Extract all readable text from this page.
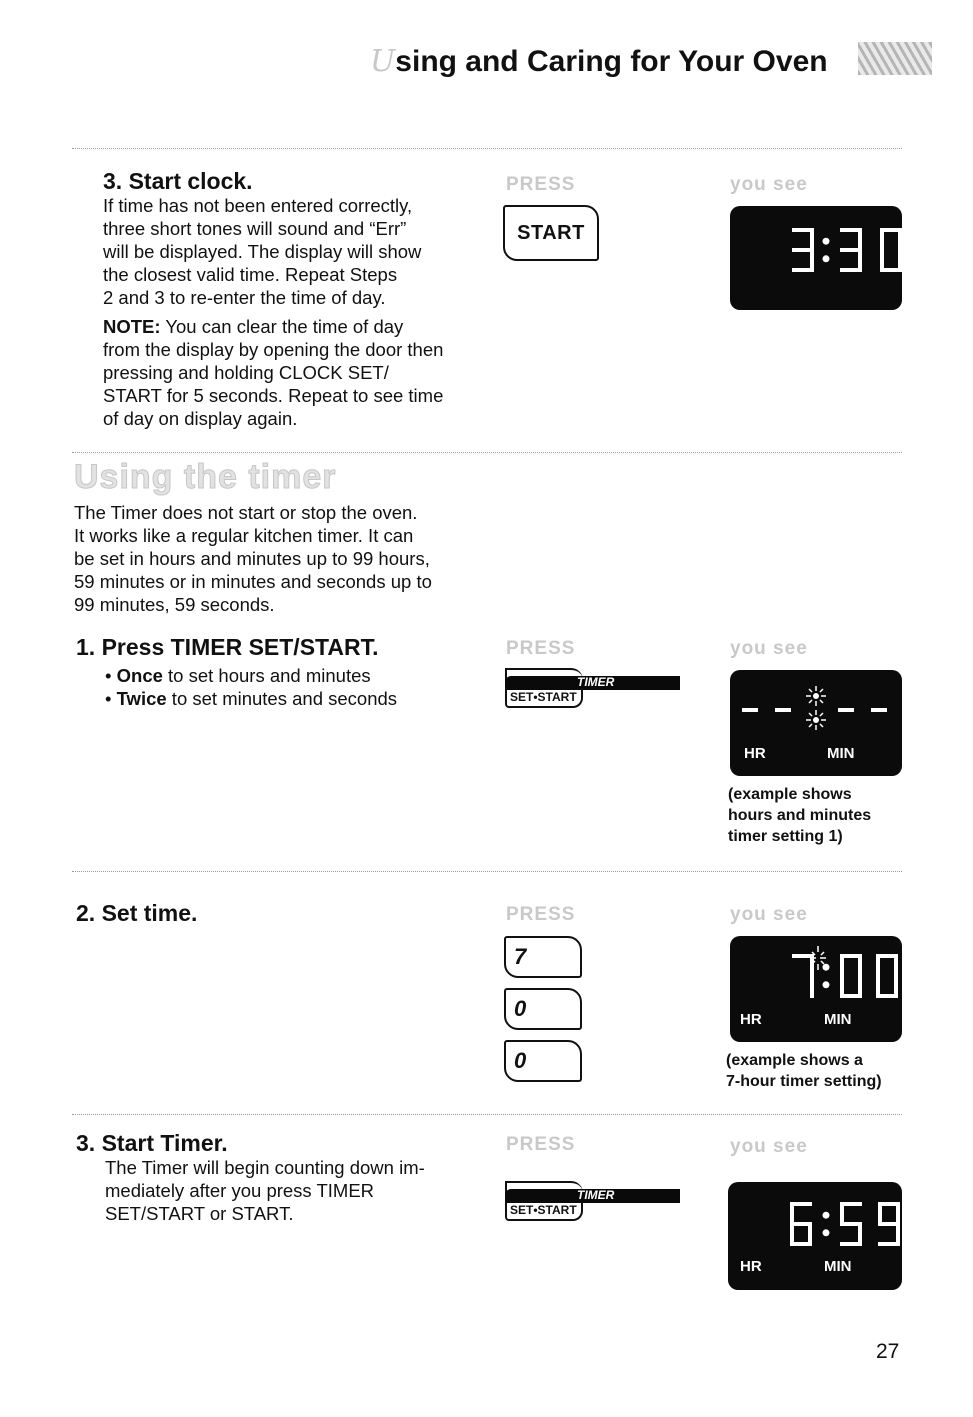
Using and Caring for Your Oven
3. Start clock.

If time has not been entered correctly,

three short tones will sound and “Err”

will be displayed. The display will show

the closest valid time. Repeat Steps

2 and 3 to re-enter the time of day.

NOTE: You can clear the time of day

from the display by opening the door then

pressing and holding CLOCK SET/

START for 5 seconds. Repeat to see time

of day on display again.

PRESS	you see
START
Using the timer

The Timer does not start or stop the oven.

It works like a regular kitchen timer. It can

be set in hours and minutes up to 99 hours,

59 minutes or in minutes and seconds up to

99 minutes, 59 seconds.

1. Press TIMER SET/START.

• Once to set hours and minutes

• Twice to set minutes and seconds

PRESS	you see
TIMER
SET•START
HR	MIN
(example shows
hours and minutes
timer setting 1)
2. Set time.	PRESS	you see
7
0
0
HR	MIN
(example shows a
7-hour timer setting)
3. Start Timer.

The Timer will begin counting down im-

mediately after you press TIMER

SET/START or START.

PRESS	you see
TIMER
SET•START
HR	MIN
27
